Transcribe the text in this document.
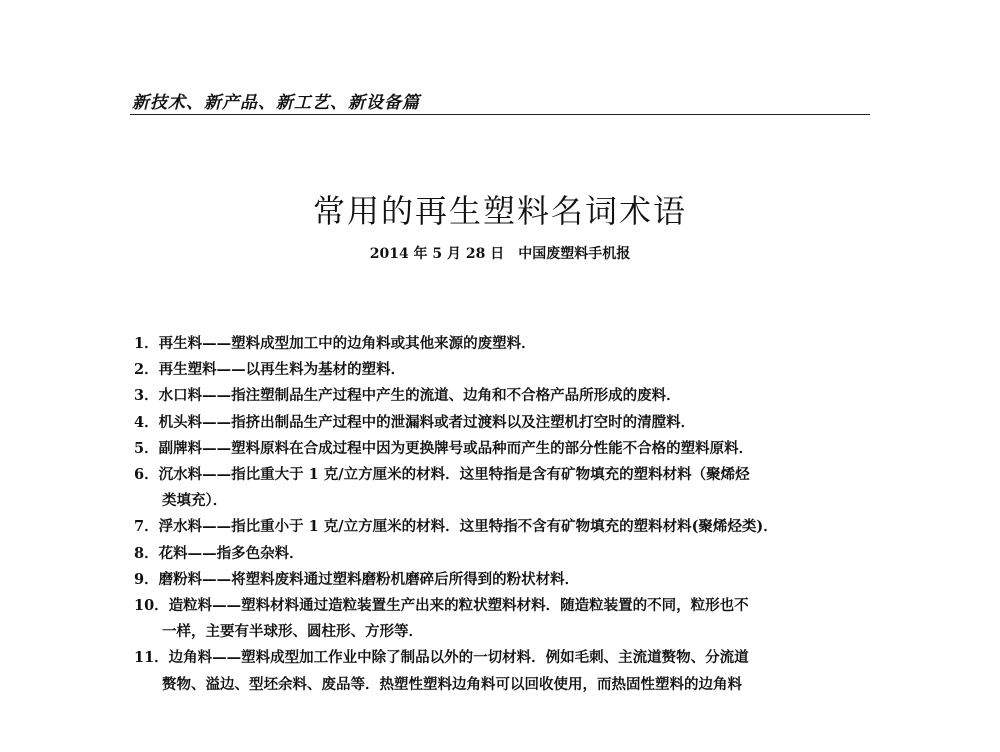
新技术、新产品、新工艺、新设备篇
常用的再生塑料名词术语
2014 年 5 月 28 日　中国废塑料手机报
1．再生料——塑料成型加工中的边角料或其他来源的废塑料．
2．再生塑料——以再生料为基材的塑料．
3．水口料——指注塑制品生产过程中产生的流道、边角和不合格产品所形成的废料．
4．机头料——指挤出制品生产过程中的泄漏料或者过渡料以及注塑机打空时的清膛料．
5．副牌料——塑料原料在合成过程中因为更换牌号或品种而产生的部分性能不合格的塑料原料．
6．沉水料——指比重大于 1 克/立方厘米的材料．这里特指是含有矿物填充的塑料材料（聚烯烃
类填充）．
7．浮水料——指比重小于 1 克/立方厘米的材料．这里特指不含有矿物填充的塑料材料(聚烯烃类)．
8．花料——指多色杂料．
9．磨粉料——将塑料废料通过塑料磨粉机磨碎后所得到的粉状材料．
10．造粒料——塑料材料通过造粒装置生产出来的粒状塑料材料．随造粒装置的不同，粒形也不
一样，主要有半球形、圆柱形、方形等．
11．边角料——塑料成型加工作业中除了制品以外的一切材料．例如毛刺、主流道赘物、分流道
赘物、溢边、型坯余料、废品等．热塑性塑料边角料可以回收使用，而热固性塑料的边角料
